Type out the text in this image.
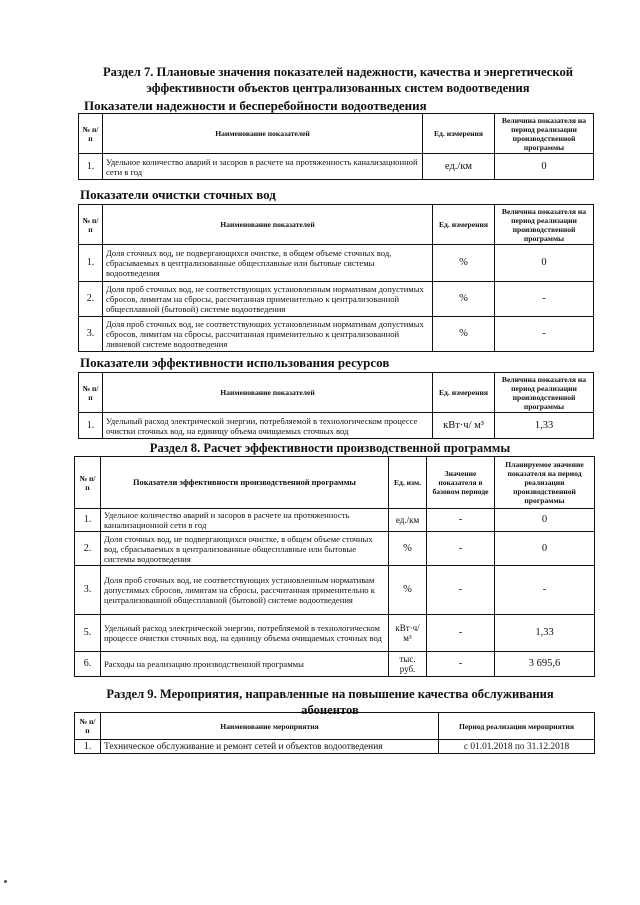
Раздел 7. Плановые значения показателей надежности, качества и энергетической
эффективности объектов централизованных систем водоотведения
Показатели надежности и бесперебойности водоотведения
№ п/п	Наименование показателей	Ед. измерения	Величина показателя на период реализации производственной программы
1.	Удельное количество аварий и засоров в расчете на протяженность канализационной сети в год	ед./км	0
Показатели очистки сточных вод
№ п/п	Наименование показателей	Ед. измерения	Величина показателя на период реализации производственной программы
1.	Доля сточных вод, не подвергающихся очистке, в общем объеме сточных вод, сбрасываемых в централизованные общесплавные или бытовые системы водоотведения	%	0
2.	Доля проб сточных вод, не соответствующих установленным нормативам допустимых сбросов, лимитам на сбросы, рассчитанная применительно к централизованной общесплавной (бытовой) системе водоотведения	%	-
3.	Доля проб сточных вод, не соответствующих установленным нормативам допустимых сбросов, лимитам на сбросы, рассчитанная применительно к централизованной ливневой системе водоотведения	%	-
Показатели эффективности использования ресурсов
№ п/п	Наименование показателей	Ед. измерения	Величина показателя на период реализации производственной программы
1.	Удельный расход электрической энергии, потребляемой в технологическом процессе очистки сточных вод, на единицу объема очищаемых сточных вод	кВт·ч/ м³	1,33
Раздел 8. Расчет эффективности производственной программы
№ п/п	Показатели эффективности производственной программы	Ед. изм.	Значение показателя в базовом периоде	Планируемое значение показателя на период реализации производственной программы
1.	Удельное количество аварий и засоров в расчете на протяженность канализационной сети в год	ед./км	-	0
2.	Доля сточных вод, не подвергающихся очистке, в общем объеме сточных вод, сбрасываемых в централизованные общесплавные или бытовые системы водоотведения	%	-	0
3.	Доля проб сточных вод, не соответствующих установленным нормативам допустимых сбросов, лимитам на сбросы, рассчитанная применительно к централизованной общесплавной (бытовой) системе водоотведения	%	-	-
5.	Удельный расход электрической энергии, потребляемой в технологическом процессе очистки сточных вод, на единицу объема очищаемых сточных вод	кВт·ч/ м³	-	1,33
6.	Расходы на реализацию производственной программы	тыс. руб.	-	3 695,6
Раздел 9. Мероприятия, направленные на повышение качества обслуживания
абонентов
№ п/п	Наименование мероприятия	Период реализации мероприятия
1.	Техническое обслуживание и ремонт сетей и объектов водоотведения	с 01.01.2018 по 31.12.2018
